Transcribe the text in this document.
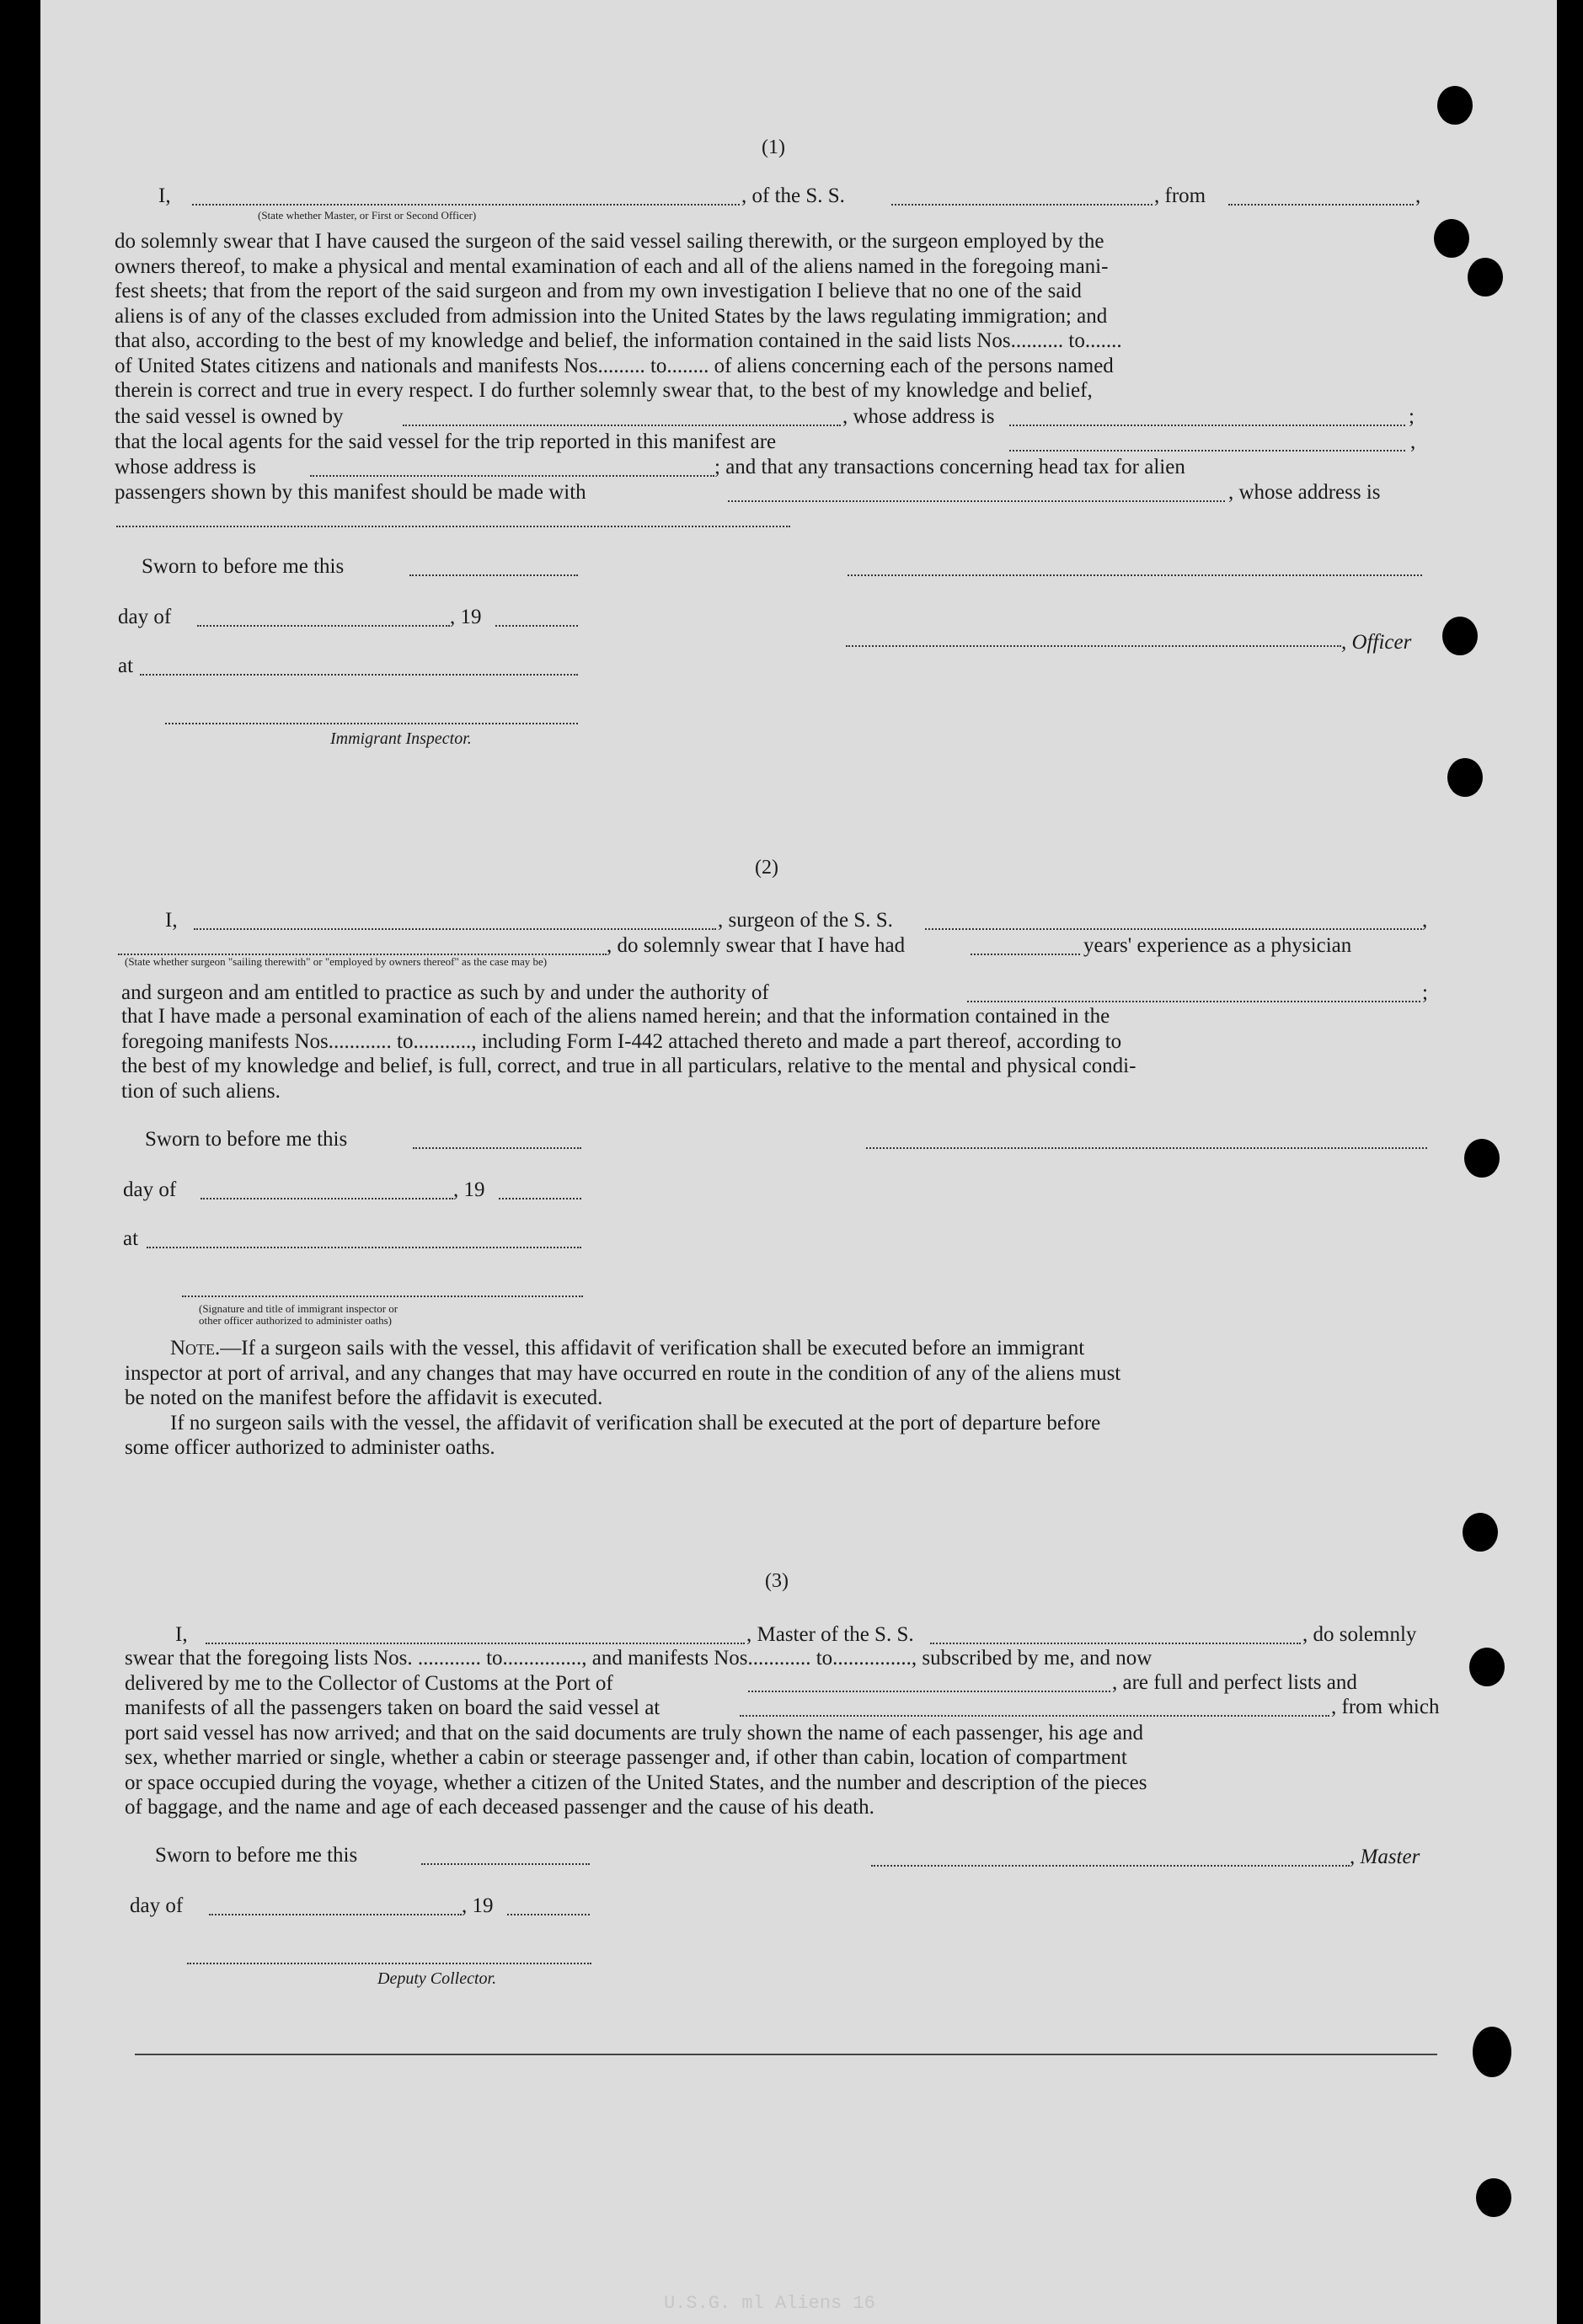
(1)
I,	, of the S. S.	, from	,
(State whether Master, or First or Second Officer)

do solemnly swear that I have caused the surgeon of the said vessel sailing therewith, or the surgeon employed by the

owners thereof, to make a physical and mental examination of each and all of the aliens named in the foregoing mani-

fest sheets; that from the report of the said surgeon and from my own investigation I believe that no one of the said

aliens is of any of the classes excluded from admission into the United States by the laws regulating immigration; and

that also, according to the best of my knowledge and belief, the information contained in the said lists Nos.......... to.......

of United States citizens and nationals and manifests Nos......... to........ of aliens concerning each of the persons named

therein is correct and true in every respect. I do further solemnly swear that, to the best of my knowledge and belief,

the said vessel is owned by	, whose address is	;
that the local agents for the said vessel for the trip reported in this manifest are	,
whose address is	; and that any transactions concerning head tax for alien
passengers shown by this manifest should be made with	, whose address is
Sworn to before me this
day of	, 19
at
, Officer
Immigrant Inspector.
(2)
I,	, surgeon of the S. S.	,
, do solemnly swear that I have had	years' experience as a physician
(State whether surgeon "sailing therewith" or "employed by owners thereof" as the case may be)
and surgeon and am entitled to practice as such by and under the authority of	;

that I have made a personal examination of each of the aliens named herein; and that the information contained in the

foregoing manifests Nos............ to..........., including Form I-442 attached thereto and made a part thereof, according to

the best of my knowledge and belief, is full, correct, and true in all particulars, relative to the mental and physical condi-

tion of such aliens.

Sworn to before me this
day of	, 19
at
(Signature and title of immigrant inspector or
other officer authorized to administer oaths)

Note.—If a surgeon sails with the vessel, this affidavit of verification shall be executed before an immigrant

inspector at port of arrival, and any changes that may have occurred en route in the condition of any of the aliens must

be noted on the manifest before the affidavit is executed.

If no surgeon sails with the vessel, the affidavit of verification shall be executed at the port of departure before

some officer authorized to administer oaths.

(3)
I,	, Master of the S. S.	, do solemnly

swear that the foregoing lists Nos. ............ to..............., and manifests Nos............ to..............., subscribed by me, and now

delivered by me to the Collector of Customs at the Port of

manifests of all the passengers taken on board the said vessel at

port said vessel has now arrived; and that on the said documents are truly shown the name of each passenger, his age and

sex, whether married or single, whether a cabin or steerage passenger and, if other than cabin, location of compartment

or space occupied during the voyage, whether a citizen of the United States, and the number and description of the pieces

of baggage, and the name and age of each deceased passenger and the cause of his death.

, are full and perfect lists and
, from which
Sworn to before me this	, Master
day of	, 19
Deputy Collector.
U.S.G. ml Aliens 16
